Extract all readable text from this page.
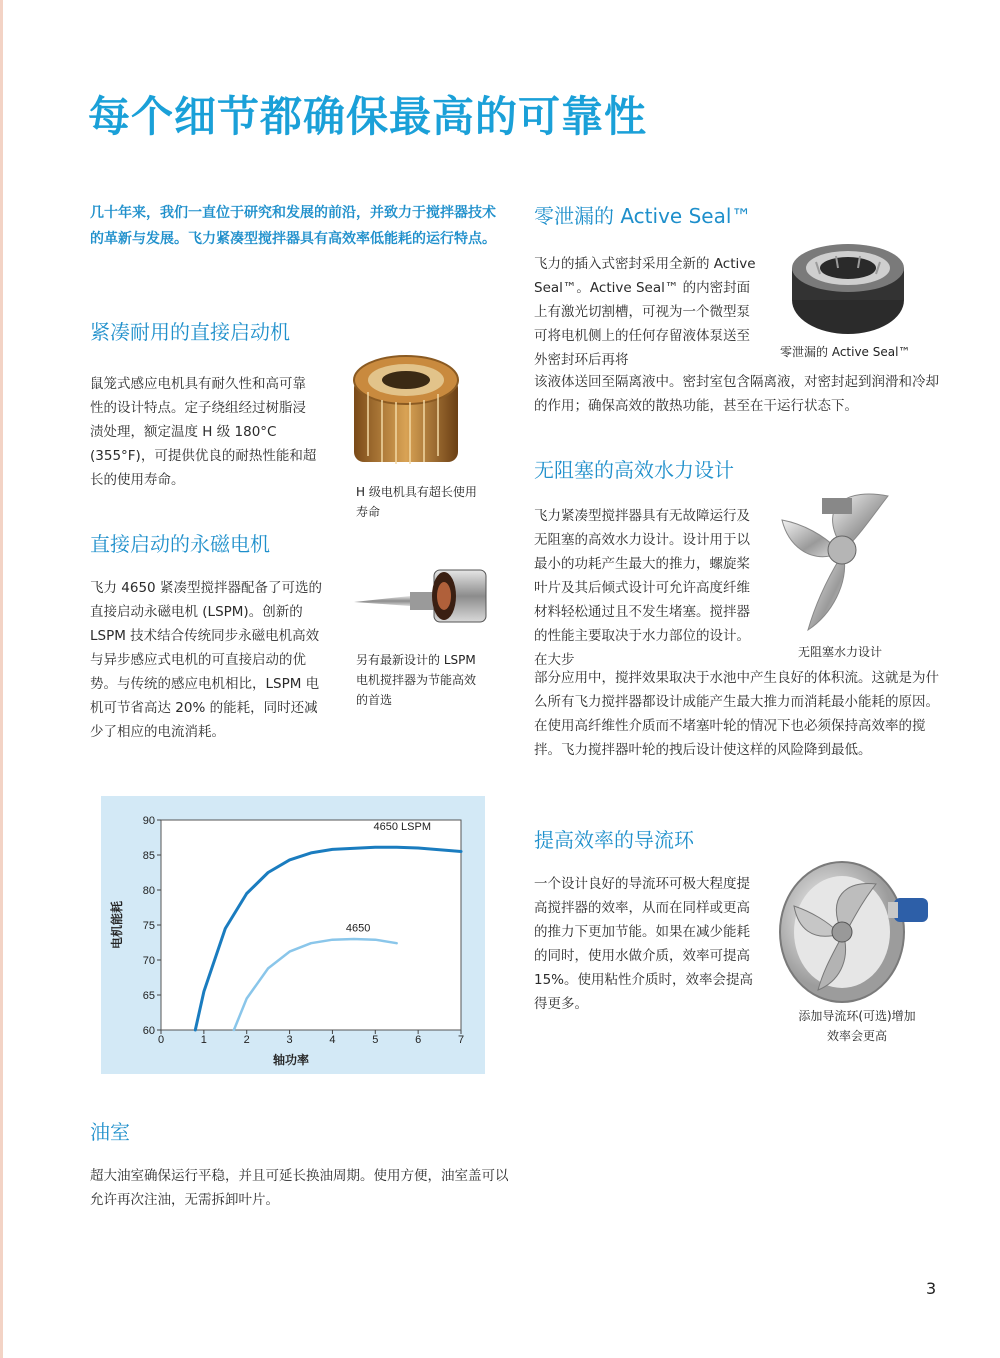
每个细节都确保最高的可靠性

几十年来，我们一直位于研究和发展的前沿，并致力于搅拌器技术的革新与发展。飞力紧凑型搅拌器具有高效率低能耗的运行特点。

紧凑耐用的直接启动机

鼠笼式感应电机具有耐久性和高可靠性的设计特点。定子绕组经过树脂浸渍处理，额定温度 H 级 180°C (355°F)，可提供优良的耐热性能和超长的使用寿命。

H 级电机具有超长使用寿命

直接启动的永磁电机

飞力 4650 紧凑型搅拌器配备了可选的直接启动永磁电机 (LSPM)。创新的 LSPM 技术结合传统同步永磁电机高效与异步感应式电机的可直接启动的优势。与传统的感应电机相比，LSPM 电机可节省高达 20% 的能耗，同时还减少了相应的电流消耗。

另有最新设计的 LSPM 电机搅拌器为节能高效的首选

60
65
70
75
80
85
90
0	1	2	3	4	5	6	7
轴功率
电机能耗
4650 LSPM
4650
油室

超大油室确保运行平稳，并且可延长换油周期。使用方便，油室盖可以允许再次注油，无需拆卸叶片。

零泄漏的 Active Seal™

飞力的插入式密封采用全新的 Active Seal™。Active Seal™ 的内密封面上有激光切割槽，可视为一个微型泵可将电机侧上的任何存留液体泵送至外密封环后再将	零泄漏的 Active Seal™

该液体送回至隔离液中。密封室包含隔离液，对密封起到润滑和冷却的作用；确保高效的散热功能，甚至在干运行状态下。

无阻塞的高效水力设计

飞力紧凑型搅拌器具有无故障运行及无阻塞的高效水力设计。设计用于以最小的功耗产生最大的推力，螺旋桨叶片及其后倾式设计可允许高度纤维材料轻松通过且不发生堵塞。搅拌器的性能主要取决于水力部位的设计。在大步	无阻塞水力设计

部分应用中，搅拌效果取决于水池中产生良好的体积流。这就是为什么所有飞力搅拌器都设计成能产生最大推力而消耗最小能耗的原因。在使用高纤维性介质而不堵塞叶轮的情况下也必须保持高效率的搅拌。飞力搅拌器叶轮的拽后设计使这样的风险降到最低。

提高效率的导流环

一个设计良好的导流环可极大程度提高搅拌器的效率，从而在同样或更高的推力下更加节能。如果在减少能耗的同时，使用水做介质，效率可提高 15%。使用粘性介质时，效率会提高得更多。

添加导流环(可选)增加效率会更高

3
